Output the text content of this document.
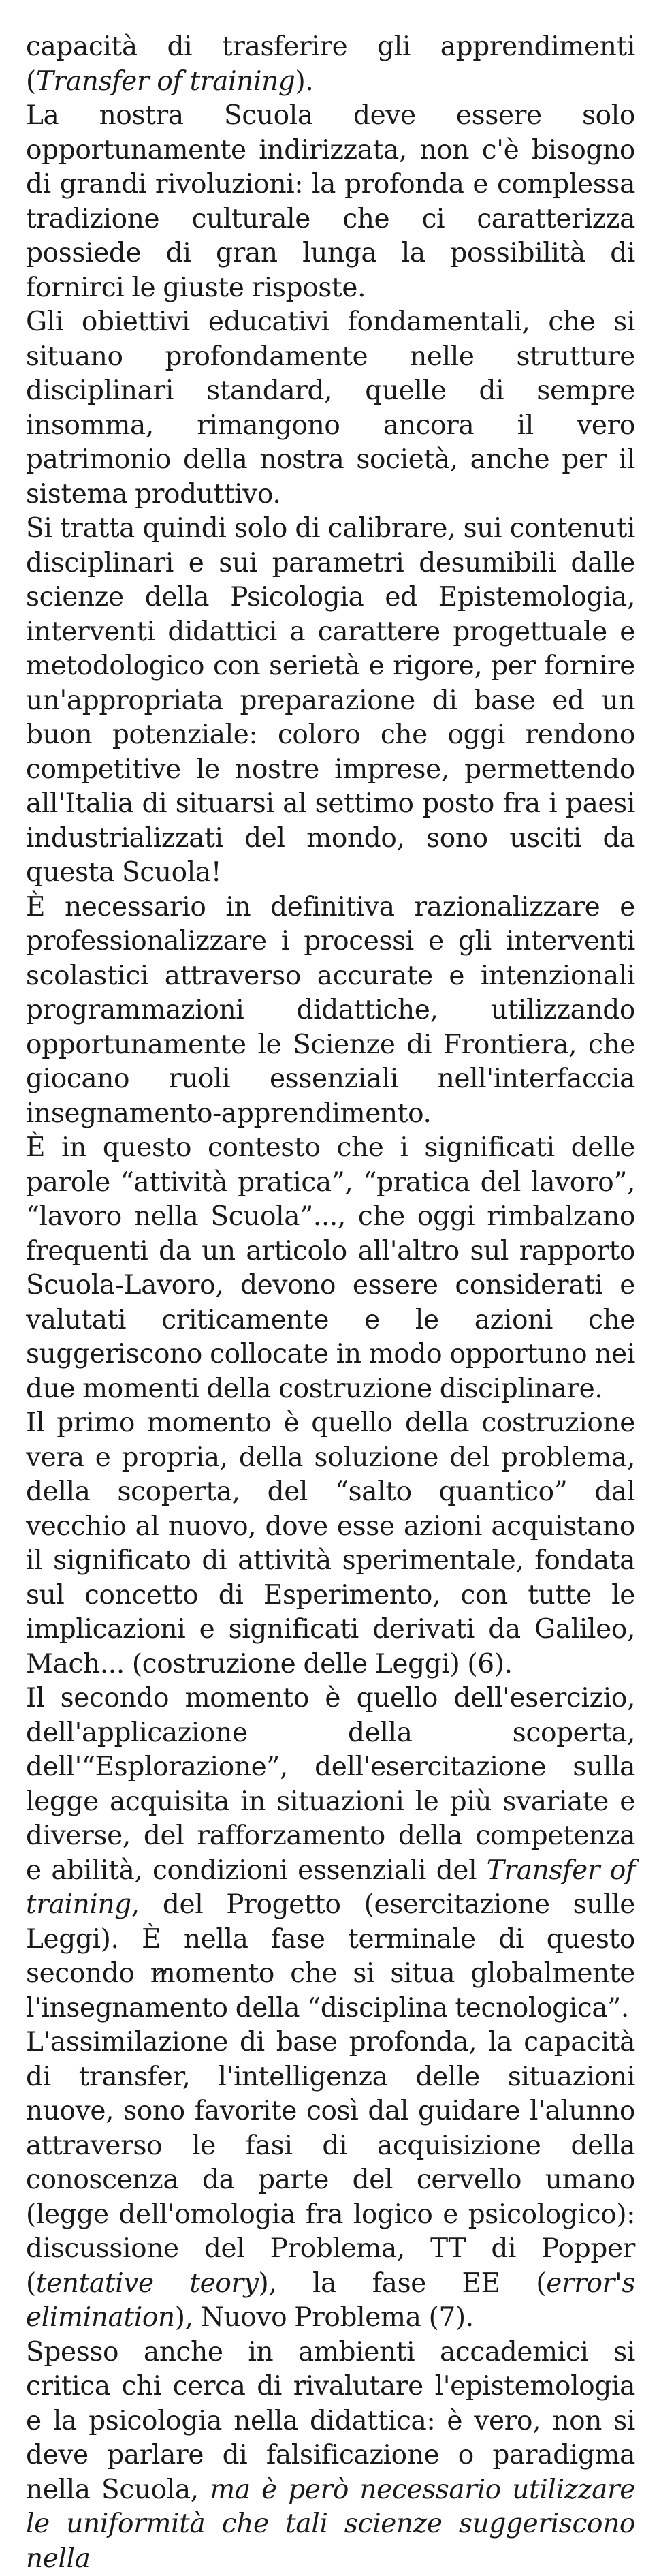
capacità di trasferire gli apprendimenti (Transfer of training).

La nostra Scuola deve essere solo opportunamente indirizzata, non c'è bisogno di grandi rivoluzioni: la profonda e complessa tradizione culturale che ci caratterizza possiede di gran lunga la possibilità di fornirci le giuste risposte.

Gli obiettivi educativi fondamentali, che si situano profondamente nelle strutture disciplinari standard, quelle di sempre insomma, rimangono ancora il vero patrimonio della nostra società, anche per il sistema produttivo.

Si tratta quindi solo di calibrare, sui contenuti disciplinari e sui parametri desumibili dalle scienze della Psicologia ed Epistemologia, interventi didattici a carattere progettuale e metodologico con serietà e rigore, per fornire un'appropriata preparazione di base ed un buon potenziale: coloro che oggi rendono competitive le nostre imprese, permettendo all'Italia di situarsi al settimo posto fra i paesi industrializzati del mondo, sono usciti da questa Scuola!

È necessario in definitiva razionalizzare e professionalizzare i processi e gli interventi scolastici attraverso accurate e intenzionali programmazioni didattiche, utilizzando opportunamente le Scienze di Frontiera, che giocano ruoli essenziali nell'interfaccia insegnamento-apprendimento.

È in questo contesto che i significati delle parole “attività pratica”, “pratica del lavoro”, “lavoro nella Scuola”..., che oggi rimbalzano frequenti da un articolo all'altro sul rapporto Scuola-Lavoro, devono essere considerati e valutati criticamente e le azioni che suggeriscono collocate in modo opportuno nei due momenti della costruzione disciplinare.

Il primo momento è quello della costruzione vera e propria, della soluzione del problema, della scoperta, del “salto quantico” dal vecchio al nuovo, dove esse azioni acquistano il significato di attività sperimentale, fondata sul concetto di Esperimento, con tutte le implicazioni e significati derivati da Galileo, Mach... (costruzione delle Leggi) (6).

Il secondo momento è quello dell'esercizio, dell'applicazione della scoperta, dell'“Esplorazione”, dell'esercitazione sulla legge acquisita in situazioni le più svariate e diverse, del rafforzamento della competenza e abilità, condizioni essenziali del Transfer of training, del Progetto (esercitazione sulle Leggi). È nella fase terminale di questo secondo momento che si situa globalmente l'insegnamento della “disciplina tecnologica”.

L'assimilazione di base profonda, la capacità di transfer, l'intelligenza delle situazioni nuove, sono favorite così dal guidare l'alunno attraverso le fasi di acquisizione della conoscenza da parte del cervello umano (legge dell'omologia fra logico e psicologico): discussione del Problema, TT di Popper (tentative teory), la fase EE (error's elimination), Nuovo Problema (7).

Spesso anche in ambienti accademici si critica chi cerca di rivalutare l'epistemologia e la psicologia nella didattica: è vero, non si deve parlare di falsificazione o paradigma nella Scuola, ma è però necessario utilizzare le uniformità che tali scienze suggeriscono nella
